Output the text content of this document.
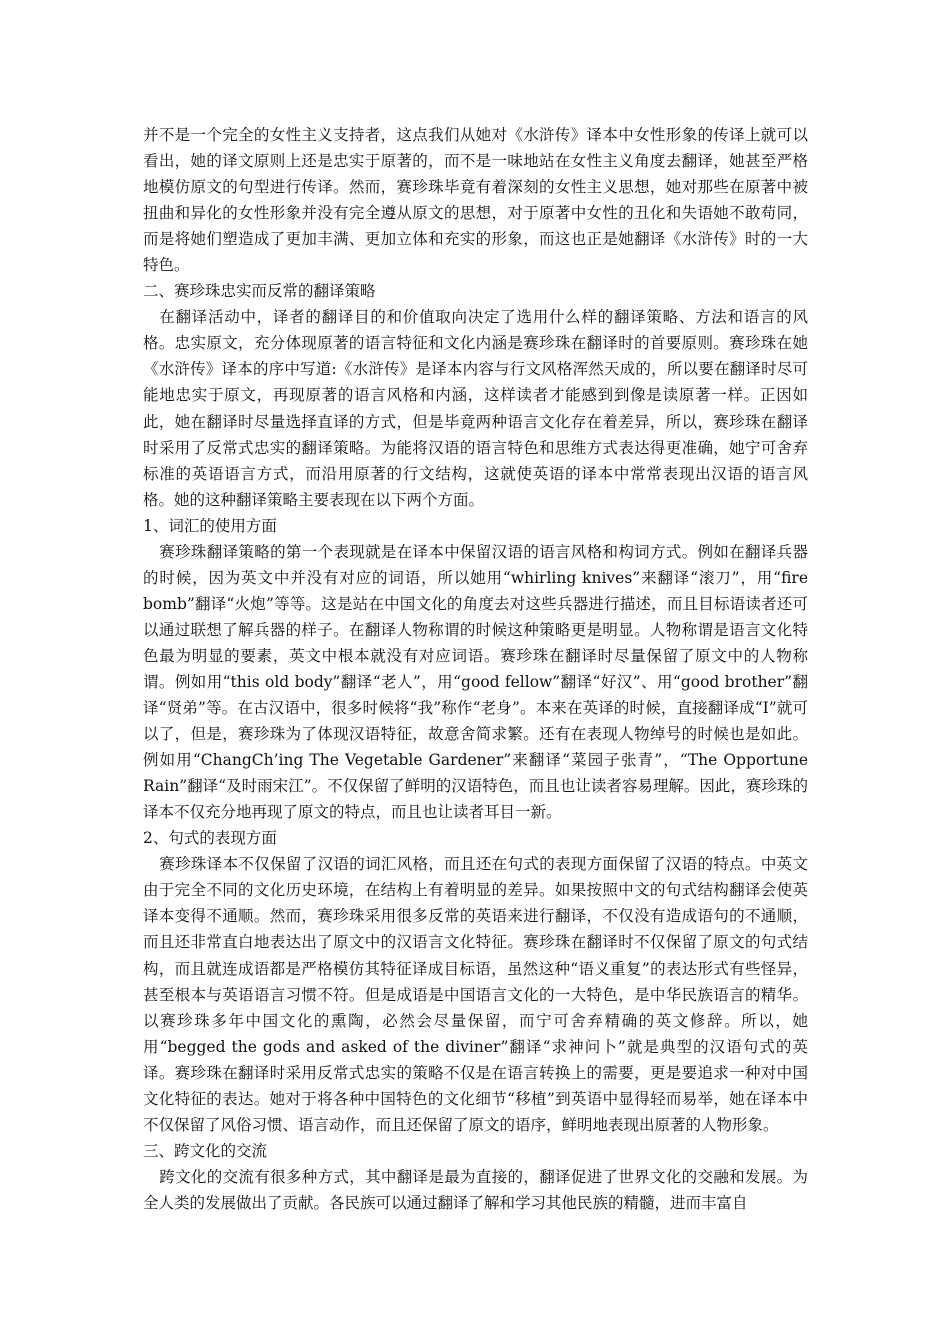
并不是一个完全的女性主义支持者，这点我们从她对《水浒传》译本中女性形象的传译上就可以看出，她的译文原则上还是忠实于原著的，而不是一味地站在女性主义角度去翻译，她甚至严格地模仿原文的句型进行传译。然而，赛珍珠毕竟有着深刻的女性主义思想，她对那些在原著中被扭曲和异化的女性形象并没有完全遵从原文的思想，对于原著中女性的丑化和失语她不敢苟同，而是将她们塑造成了更加丰满、更加立体和充实的形象，而这也正是她翻译《水浒传》时的一大特色。

二、赛珍珠忠实而反常的翻译策略

在翻译活动中，译者的翻译目的和价值取向决定了选用什么样的翻译策略、方法和语言的风格。忠实原文，充分体现原著的语言特征和文化内涵是赛珍珠在翻译时的首要原则。赛珍珠在她《水浒传》译本的序中写道:《水浒传》是译本内容与行文风格浑然天成的，所以要在翻译时尽可能地忠实于原文，再现原著的语言风格和内涵，这样读者才能感到到像是读原著一样。正因如此，她在翻译时尽量选择直译的方式，但是毕竟两种语言文化存在着差异，所以，赛珍珠在翻译时采用了反常式忠实的翻译策略。为能将汉语的语言特色和思维方式表达得更准确，她宁可舍弃标准的英语语言方式，而沿用原著的行文结构，这就使英语的译本中常常表现出汉语的语言风格。她的这种翻译策略主要表现在以下两个方面。

1、词汇的使用方面

赛珍珠翻译策略的第一个表现就是在译本中保留汉语的语言风格和构词方式。例如在翻译兵器的时候，因为英文中并没有对应的词语，所以她用“whirling knives”来翻译“滚刀”，用“fire bomb”翻译“火炮”等等。这是站在中国文化的角度去对这些兵器进行描述，而且目标语读者还可以通过联想了解兵器的样子。在翻译人物称谓的时候这种策略更是明显。人物称谓是语言文化特色最为明显的要素，英文中根本就没有对应词语。赛珍珠在翻译时尽量保留了原文中的人物称谓。例如用“this old body”翻译“老人”，用“good fellow”翻译“好汉”、用“good brother”翻译“贤弟”等。在古汉语中，很多时候将“我”称作“老身”。本来在英译的时候，直接翻译成“I”就可以了，但是，赛珍珠为了体现汉语特征，故意舍简求繁。还有在表现人物绰号的时候也是如此。例如用“ChangCh’ing The Vegetable Gardener”来翻译“菜园子张青”，“The Opportune Rain”翻译“及时雨宋江”。不仅保留了鲜明的汉语特色，而且也让读者容易理解。因此，赛珍珠的译本不仅充分地再现了原文的特点，而且也让读者耳目一新。

2、句式的表现方面

赛珍珠译本不仅保留了汉语的词汇风格，而且还在句式的表现方面保留了汉语的特点。中英文由于完全不同的文化历史环境，在结构上有着明显的差异。如果按照中文的句式结构翻译会使英译本变得不通顺。然而，赛珍珠采用很多反常的英语来进行翻译，不仅没有造成语句的不通顺，而且还非常直白地表达出了原文中的汉语言文化特征。赛珍珠在翻译时不仅保留了原文的句式结构，而且就连成语都是严格模仿其特征译成目标语，虽然这种“语义重复”的表达形式有些怪异，甚至根本与英语语言习惯不符。但是成语是中国语言文化的一大特色，是中华民族语言的精华。以赛珍珠多年中国文化的熏陶，必然会尽量保留，而宁可舍弃精确的英文修辞。所以，她用“begged the gods and asked of the diviner”翻译“求神问卜”就是典型的汉语句式的英译。赛珍珠在翻译时采用反常式忠实的策略不仅是在语言转换上的需要，更是要追求一种对中国文化特征的表达。她对于将各种中国特色的文化细节“移植”到英语中显得轻而易举，她在译本中不仅保留了风俗习惯、语言动作，而且还保留了原文的语序，鲜明地表现出原著的人物形象。

三、跨文化的交流

跨文化的交流有很多种方式，其中翻译是最为直接的，翻译促进了世界文化的交融和发展。为全人类的发展做出了贡献。各民族可以通过翻译了解和学习其他民族的精髓，进而丰富自
